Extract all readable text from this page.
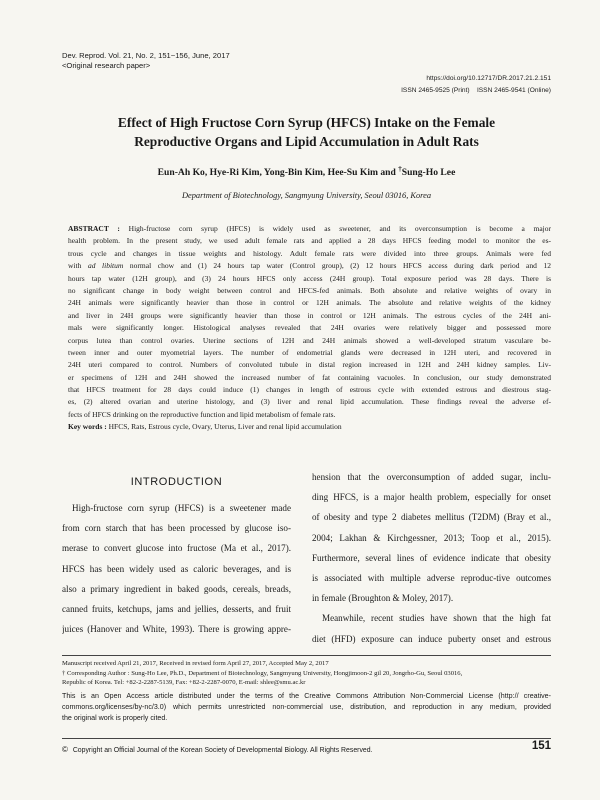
Dev. Reprod. Vol. 21, No. 2, 151~156, June, 2017
<Original research paper>
https://doi.org/10.12717/DR.2017.21.2.151
ISSN 2465-9525 (Print)    ISSN 2465-9541 (Online)
Effect of High Fructose Corn Syrup (HFCS) Intake on the Female
Reproductive Organs and Lipid Accumulation in Adult Rats
Eun-Ah Ko, Hye-Ri Kim, Yong-Bin Kim, Hee-Su Kim and †Sung-Ho Lee
Department of Biotechnology, Sangmyung University, Seoul 03016, Korea
ABSTRACT : High-fructose corn syrup (HFCS) is widely used as sweetener, and its overconsumption is become a major
health problem. In the present study, we used adult female rats and applied a 28 days HFCS feeding model to monitor the es-
trous cycle and changes in tissue weights and histology. Adult female rats were divided into three groups. Animals were fed
with ad libitum normal chow and (1) 24 hours tap water (Control group), (2) 12 hours HFCS access during dark period and 12
hours tap water (12H group), and (3) 24 hours HFCS only access (24H group). Total exposure period was 28 days. There is
no significant change in body weight between control and HFCS-fed animals. Both absolute and relative weights of ovary in
24H animals were significantly heavier than those in control or 12H animals. The absolute and relative weights of the kidney
and liver in 24H groups were significantly heavier than those in control or 12H animals. The estrous cycles of the 24H ani-
mals were significantly longer. Histological analyses revealed that 24H ovaries were relatively bigger and possessed more
corpus lutea than control ovaries. Uterine sections of 12H and 24H animals showed a well-developed stratum vasculare be-
tween inner and outer myometrial layers. The number of endometrial glands were decreased in 12H uteri, and recovered in
24H uteri compared to control. Numbers of convoluted tubule in distal region increased in 12H and 24H kidney samples. Liv-
er specimens of 12H and 24H showed the increased number of fat containing vacuoles. In conclusion, our study demonstrated
that HFCS treatment for 28 days could induce (1) changes in length of estrous cycle with extended estrous and diestrous stag-
es, (2) altered ovarian and uterine histology, and (3) liver and renal lipid accumulation. These findings reveal the adverse ef-
fects of HFCS drinking on the reproductive function and lipid metabolism of female rats.
Key words : HFCS, Rats, Estrous cycle, Ovary, Uterus, Liver and renal lipid accumulation
INTRODUCTION
High-fructose corn syrup (HFCS) is a sweetener made
from corn starch that has been processed by glucose iso-
merase to convert glucose into fructose (Ma et al., 2017).
HFCS has been widely used as caloric beverages, and is
also a primary ingredient in baked goods, cereals, breads,
canned fruits, ketchups, jams and jellies, desserts, and fruit
juices (Hanover and White, 1993). There is growing appre-
hension that the overconsumption of added sugar, inclu-
ding HFCS, is a major health problem, especially for onset
of obesity and type 2 diabetes mellitus (T2DM) (Bray et al.,
2004; Lakhan & Kirchgessner, 2013; Toop et al., 2015).
Furthermore, several lines of evidence indicate that obesity
is associated with multiple adverse reproduc-tive outcomes
in female (Broughton & Moley, 2017).
Meanwhile, recent studies have shown that the high fat
diet (HFD) exposure can induce puberty onset and estrous
Manuscript received April 21, 2017, Received in revised form April 27, 2017, Accepted May 2, 2017
† Corresponding Author : Sung-Ho Lee, Ph.D., Department of Biotechnology, Sangmyung University, Hongjimoon-2 gil 20, Jongrho-Gu, Seoul 03016,
Republic of Korea. Tel: +82-2-2287-5139, Fax: +82-2-2287-0070, E-mail: shlee@smu.ac.kr
This is an Open Access article distributed under the terms of the Creative Commons Attribution Non-Commercial License (http:// creative-
commons.org/licenses/by-nc/3.0) which permits unrestricted non-commercial use, distribution, and reproduction in any medium, provided
the original work is properly cited.
© Copyright an Official Journal of the Korean Society of Developmental Biology. All Rights Reserved.	151
